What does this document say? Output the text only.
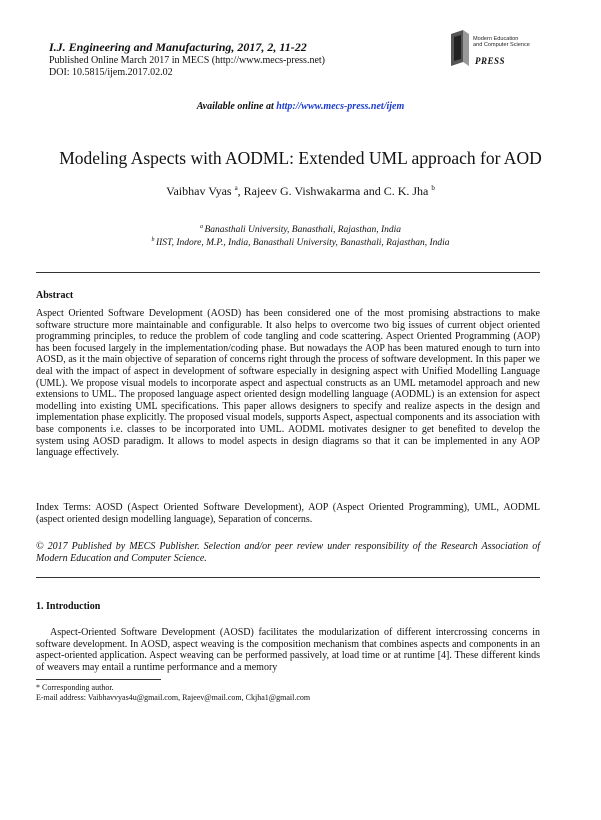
I.J. Engineering and Manufacturing, 2017, 2, 11-22
Published Online March 2017 in MECS (http://www.mecs-press.net)
DOI: 10.5815/ijem.2017.02.02
Modern Education
and Computer Science
PRESS
Available online at http://www.mecs-press.net/ijem
Modeling Aspects with AODML: Extended UML approach for AOD
Vaibhav Vyas $^a$, Rajeev G. Vishwakarma and C. K. Jha $^b$
$^a$ Banasthali University, Banasthali, Rajasthan, India
$^b$ IIST, Indore, M.P., India, Banasthali University, Banasthali, Rajasthan, India
Abstract
Aspect Oriented Software Development (AOSD) has been considered one of the most promising abstractions to make software structure more maintainable and configurable. It also helps to overcome two big issues of current object oriented programming principles, to reduce the problem of code tangling and code scattering. Aspect Oriented Programming (AOP) has been focused largely in the implementation/coding phase. But nowadays the AOP has been matured enough to turn into AOSD, as it the main objective of separation of concerns right through the process of software development. In this paper we deal with the impact of aspect in development of software especially in designing aspect with Unified Modelling Language (UML). We propose visual models to incorporate aspect and aspectual constructs as an UML metamodel approach and new extensions to UML. The proposed language aspect oriented design modelling language (AODML) is an extension for aspect modelling into existing UML specifications. This paper allows designers to specify and realize aspects in the design and implementation phase explicitly. The proposed visual models, supports Aspect, aspectual components and its association with base components i.e. classes to be incorporated into UML. AODML motivates designer to get benefited to develop the system using AOSD paradigm. It allows to model aspects in design diagrams so that it can be implemented in any AOP language effectively.
Index Terms: AOSD (Aspect Oriented Software Development), AOP (Aspect Oriented Programming), UML, AODML (aspect oriented design modelling language), Separation of concerns.
© 2017 Published by MECS Publisher. Selection and/or peer review under responsibility of the Research Association of Modern Education and Computer Science.
1. Introduction
Aspect-Oriented Software Development (AOSD) facilitates the modularization of different intercrossing concerns in software development. In AOSD, aspect weaving is the composition mechanism that combines aspects and components in an aspect-oriented application. Aspect weaving can be performed passively, at load time or at runtime [4]. These different kinds of weavers may entail a runtime performance and a memory
* Corresponding author.
E-mail address: Vaibhavvyas4u@gmail.com, Rajeev@mail.com, Ckjha1@gmail.com
